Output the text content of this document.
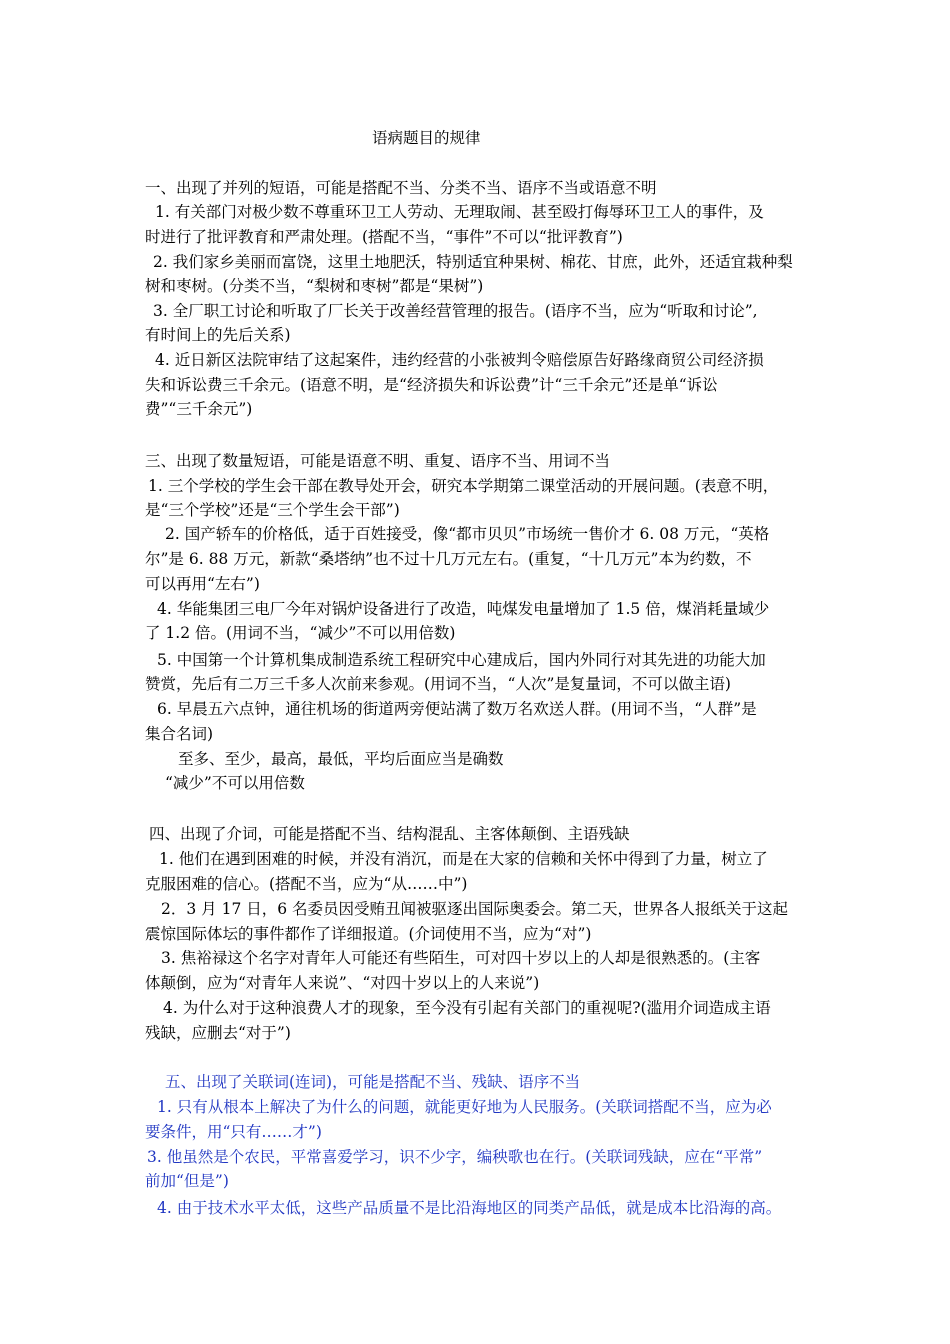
语病题目的规律
一、出现了并列的短语，可能是搭配不当、分类不当、语序不当或语意不明
1. 有关部门对极少数不尊重环卫工人劳动、无理取闹、甚至殴打侮辱环卫工人的事件，及
时进行了批评教育和严肃处理。(搭配不当，“事件”不可以“批评教育”)
2. 我们家乡美丽而富饶，这里土地肥沃，特别适宜种果树、棉花、甘庶，此外，还适宜栽种梨
树和枣树。(分类不当，“梨树和枣树”都是“果树”)
3. 全厂职工讨论和听取了厂长关于改善经营管理的报告。(语序不当，应为“听取和讨论”,
有时间上的先后关系)
4. 近日新区法院审结了这起案件，违约经营的小张被判令赔偿原告好路缘商贸公司经济损
失和诉讼费三千余元。(语意不明，是“经济损失和诉讼费”计“三千余元”还是单“诉讼
费”“三千余元”)
三、出现了数量短语，可能是语意不明、重复、语序不当、用词不当
1. 三个学校的学生会干部在教导处开会，研究本学期第二课堂活动的开展问题。(表意不明，
是“三个学校”还是“三个学生会干部”)
2. 国产轿车的价格低，适于百姓接受，像“都市贝贝”市场统一售价才 6. 08 万元，“英格
尔”是 6. 88 万元，新款“桑塔纳”也不过十几万元左右。(重复，“十几万元”本为约数，不
可以再用“左右”)
4. 华能集团三电厂今年对锅炉设备进行了改造，吨煤发电量增加了 1.5 倍，煤消耗量域少
了 1.2 倍。(用词不当，“减少”不可以用倍数)
5. 中国第一个计算机集成制造系统工程研究中心建成后，国内外同行对其先进的功能大加
赞赏，先后有二万三千多人次前来参观。(用词不当，“人次”是复量词，不可以做主语)
6. 早晨五六点钟，通往机场的街道两旁便站满了数万名欢送人群。(用词不当，“人群”是
集合名词)
至多、至少，最高，最低，平均后面应当是确数
“减少”不可以用倍数
四、出现了介词，可能是搭配不当、结构混乱、主客体颠倒、主语残缺
1. 他们在遇到困难的时候，并没有消沉，而是在大家的信赖和关怀中得到了力量，树立了
克服困难的信心。(搭配不当，应为“从……中”)
2．3 月 17 日，6 名委员因受贿丑闻被驱逐出国际奥委会。第二天，世界各人报纸关于这起
震惊国际体坛的事件都作了详细报道。(介词使用不当，应为“对”)
3. 焦裕禄这个名字对青年人可能还有些陌生，可对四十岁以上的人却是很熟悉的。(主客
体颠倒，应为“对青年人来说”、“对四十岁以上的人来说”)
4. 为什么对于这种浪费人才的现象，至今没有引起有关部门的重视呢?(滥用介词造成主语
残缺，应删去“对于”)
五、出现了关联词(连词)，可能是搭配不当、残缺、语序不当
1. 只有从根本上解决了为什么的问题，就能更好地为人民服务。(关联词搭配不当，应为必
要条件，用“只有……才”)
3. 他虽然是个农民，平常喜爱学习，识不少字，编秧歌也在行。(关联词残缺，应在“平常”
前加“但是”)
4. 由于技术水平太低，这些产品质量不是比沿海地区的同类产品低，就是成本比沿海的高。
